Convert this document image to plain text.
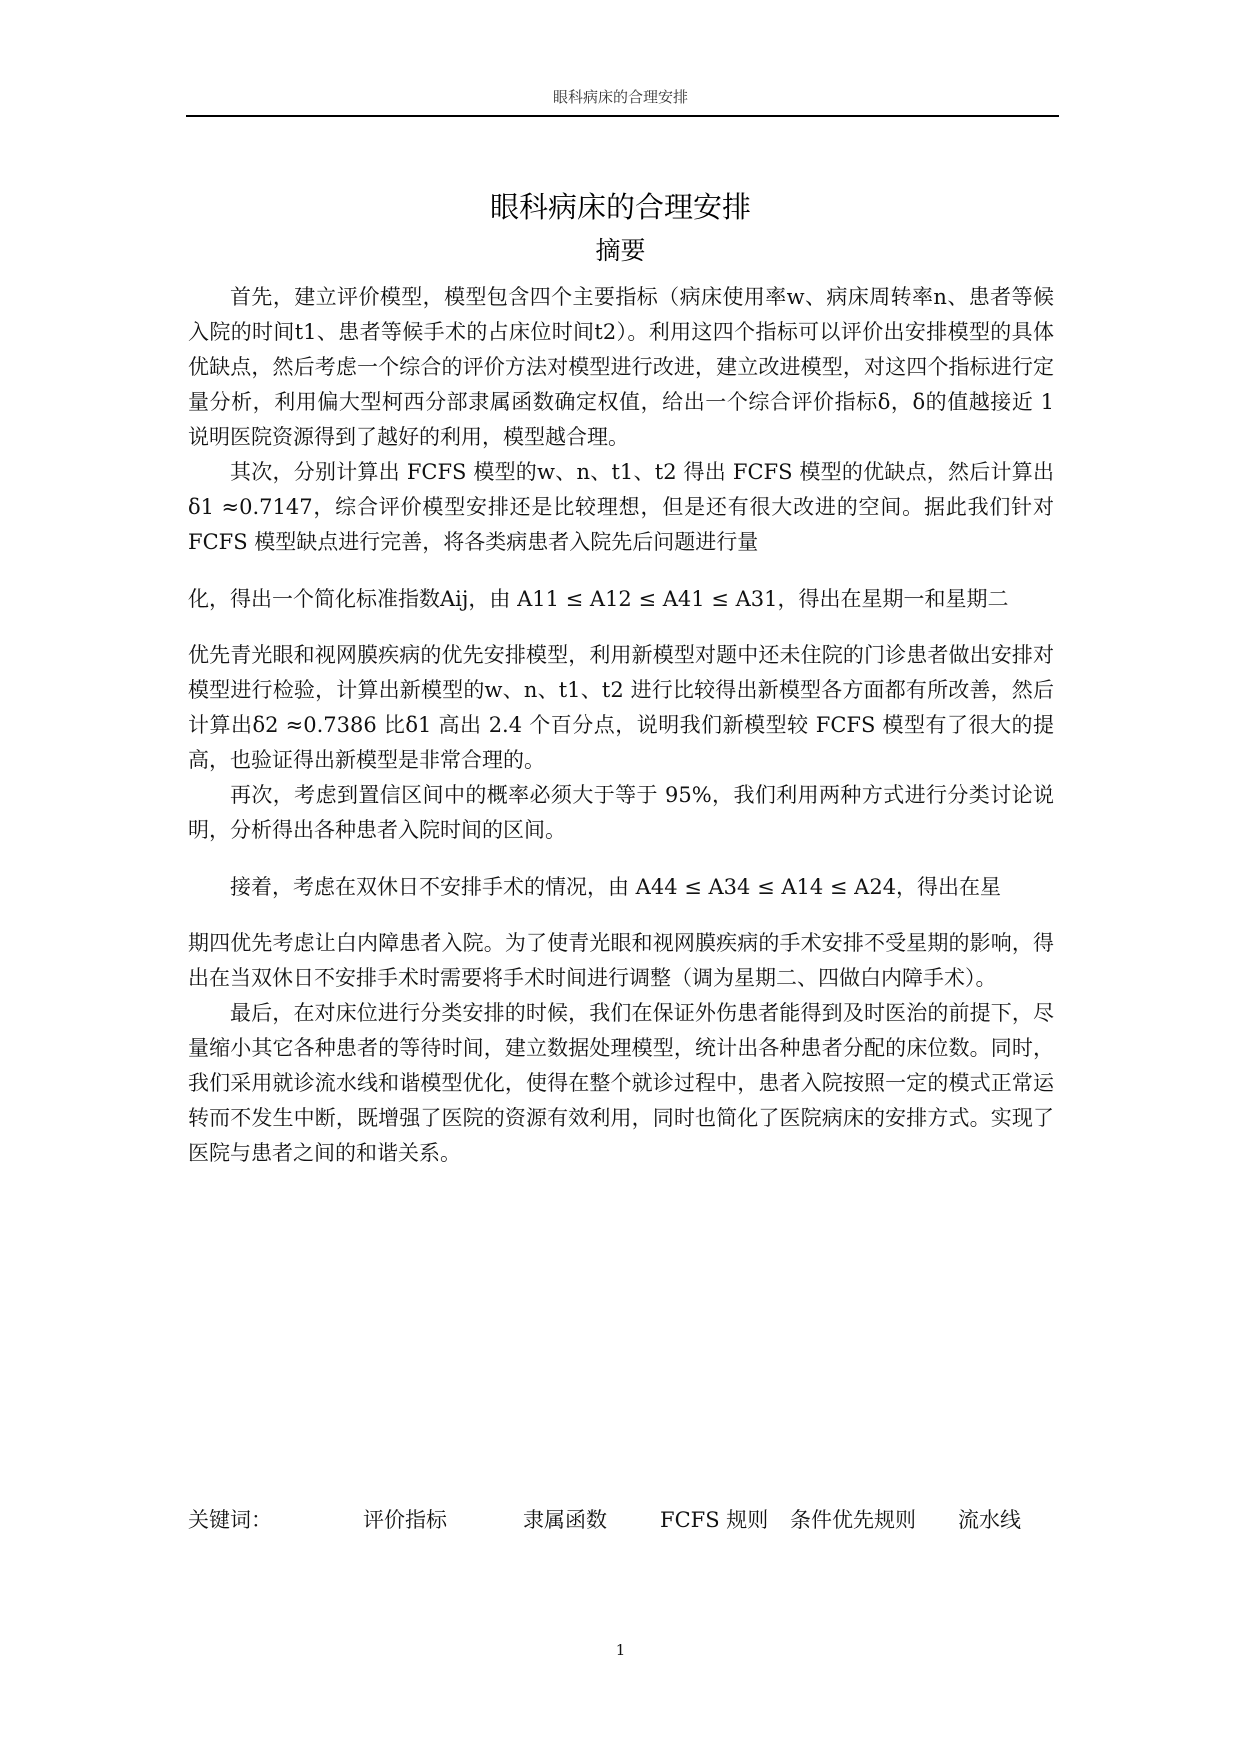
眼科病床的合理安排
眼科病床的合理安排
摘要

首先，建立评价模型，模型包含四个主要指标（病床使用率w、病床周转率n、患者等候入院的时间t1、患者等候手术的占床位时间t2）。利用这四个指标可以评价出安排模型的具体优缺点，然后考虑一个综合的评价方法对模型进行改进，建立改进模型，对这四个指标进行定量分析，利用偏大型柯西分部隶属函数确定权值，给出一个综合评价指标δ，δ的值越接近 1 说明医院资源得到了越好的利用，模型越合理。

其次，分别计算出 FCFS 模型的w、n、t1、t2 得出 FCFS 模型的优缺点，然后计算出δ1 ≈0.7147，综合评价模型安排还是比较理想，但是还有很大改进的空间。据此我们针对 FCFS 模型缺点进行完善，将各类病患者入院先后问题进行量

化，得出一个简化标准指数Aij，由 A11 ≤ A12 ≤ A41 ≤ A31，得出在星期一和星期二

优先青光眼和视网膜疾病的优先安排模型，利用新模型对题中还未住院的门诊患者做出安排对模型进行检验，计算出新模型的w、n、t1、t2 进行比较得出新模型各方面都有所改善，然后计算出δ2 ≈0.7386 比δ1 高出 2.4 个百分点，说明我们新模型较 FCFS 模型有了很大的提高，也验证得出新模型是非常合理的。

再次，考虑到置信区间中的概率必须大于等于 95%，我们利用两种方式进行分类讨论说明，分析得出各种患者入院时间的区间。

接着，考虑在双休日不安排手术的情况，由 A44 ≤ A34 ≤ A14 ≤ A24，得出在星

期四优先考虑让白内障患者入院。为了使青光眼和视网膜疾病的手术安排不受星期的影响，得出在当双休日不安排手术时需要将手术时间进行调整（调为星期二、四做白内障手术）。

最后，在对床位进行分类安排的时候，我们在保证外伤患者能得到及时医治的前提下，尽量缩小其它各种患者的等待时间，建立数据处理模型，统计出各种患者分配的床位数。同时，我们采用就诊流水线和谐模型优化，使得在整个就诊过程中，患者入院按照一定的模式正常运转而不发生中断，既增强了医院的资源有效利用，同时也简化了医院病床的安排方式。实现了医院与患者之间的和谐关系。

关键词：	评价指标	隶属函数	FCFS 规则 条件优先规则 流水线
1
